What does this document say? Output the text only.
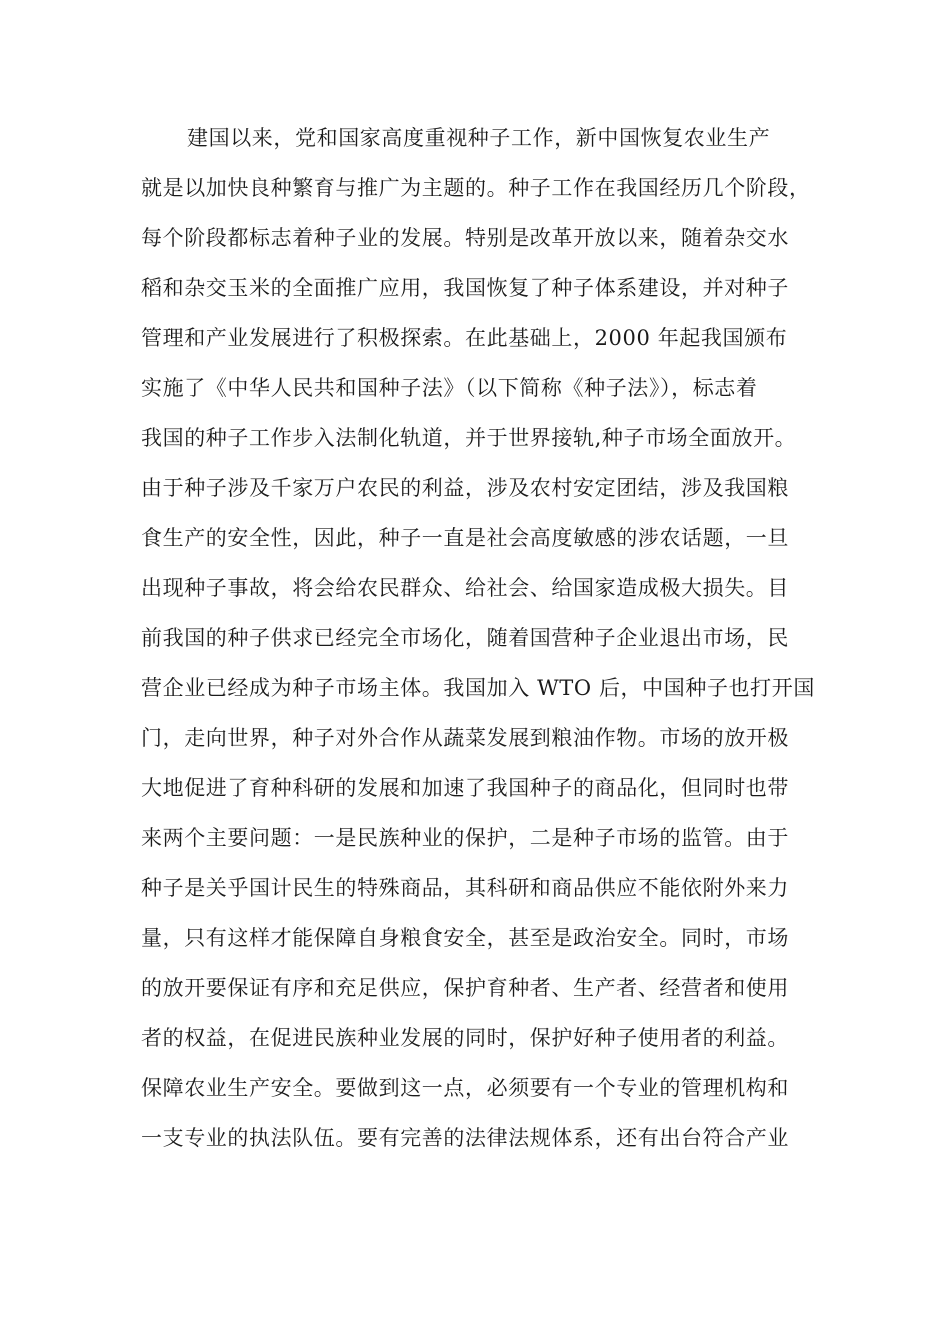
建国以来，党和国家高度重视种子工作，新中国恢复农业生产
就是以加快良种繁育与推广为主题的。种子工作在我国经历几个阶段，
每个阶段都标志着种子业的发展。特别是改革开放以来，随着杂交水
稻和杂交玉米的全面推广应用，我国恢复了种子体系建设，并对种子
管理和产业发展进行了积极探索。在此基础上，2000 年起我国颁布
实施了《中华人民共和国种子法》（以下简称《种子法》），标志着
我国的种子工作步入法制化轨道，并于世界接轨,种子市场全面放开。
由于种子涉及千家万户农民的利益，涉及农村安定团结，涉及我国粮
食生产的安全性，因此，种子一直是社会高度敏感的涉农话题，一旦
出现种子事故，将会给农民群众、给社会、给国家造成极大损失。目
前我国的种子供求已经完全市场化，随着国营种子企业退出市场，民
营企业已经成为种子市场主体。我国加入 WTO 后，中国种子也打开国
门，走向世界，种子对外合作从蔬菜发展到粮油作物。市场的放开极
大地促进了育种科研的发展和加速了我国种子的商品化，但同时也带
来两个主要问题：一是民族种业的保护，二是种子市场的监管。由于
种子是关乎国计民生的特殊商品，其科研和商品供应不能依附外来力
量，只有这样才能保障自身粮食安全，甚至是政治安全。同时，市场
的放开要保证有序和充足供应，保护育种者、生产者、经营者和使用
者的权益，在促进民族种业发展的同时，保护好种子使用者的利益。
保障农业生产安全。要做到这一点，必须要有一个专业的管理机构和
一支专业的执法队伍。要有完善的法律法规体系，还有出台符合产业
